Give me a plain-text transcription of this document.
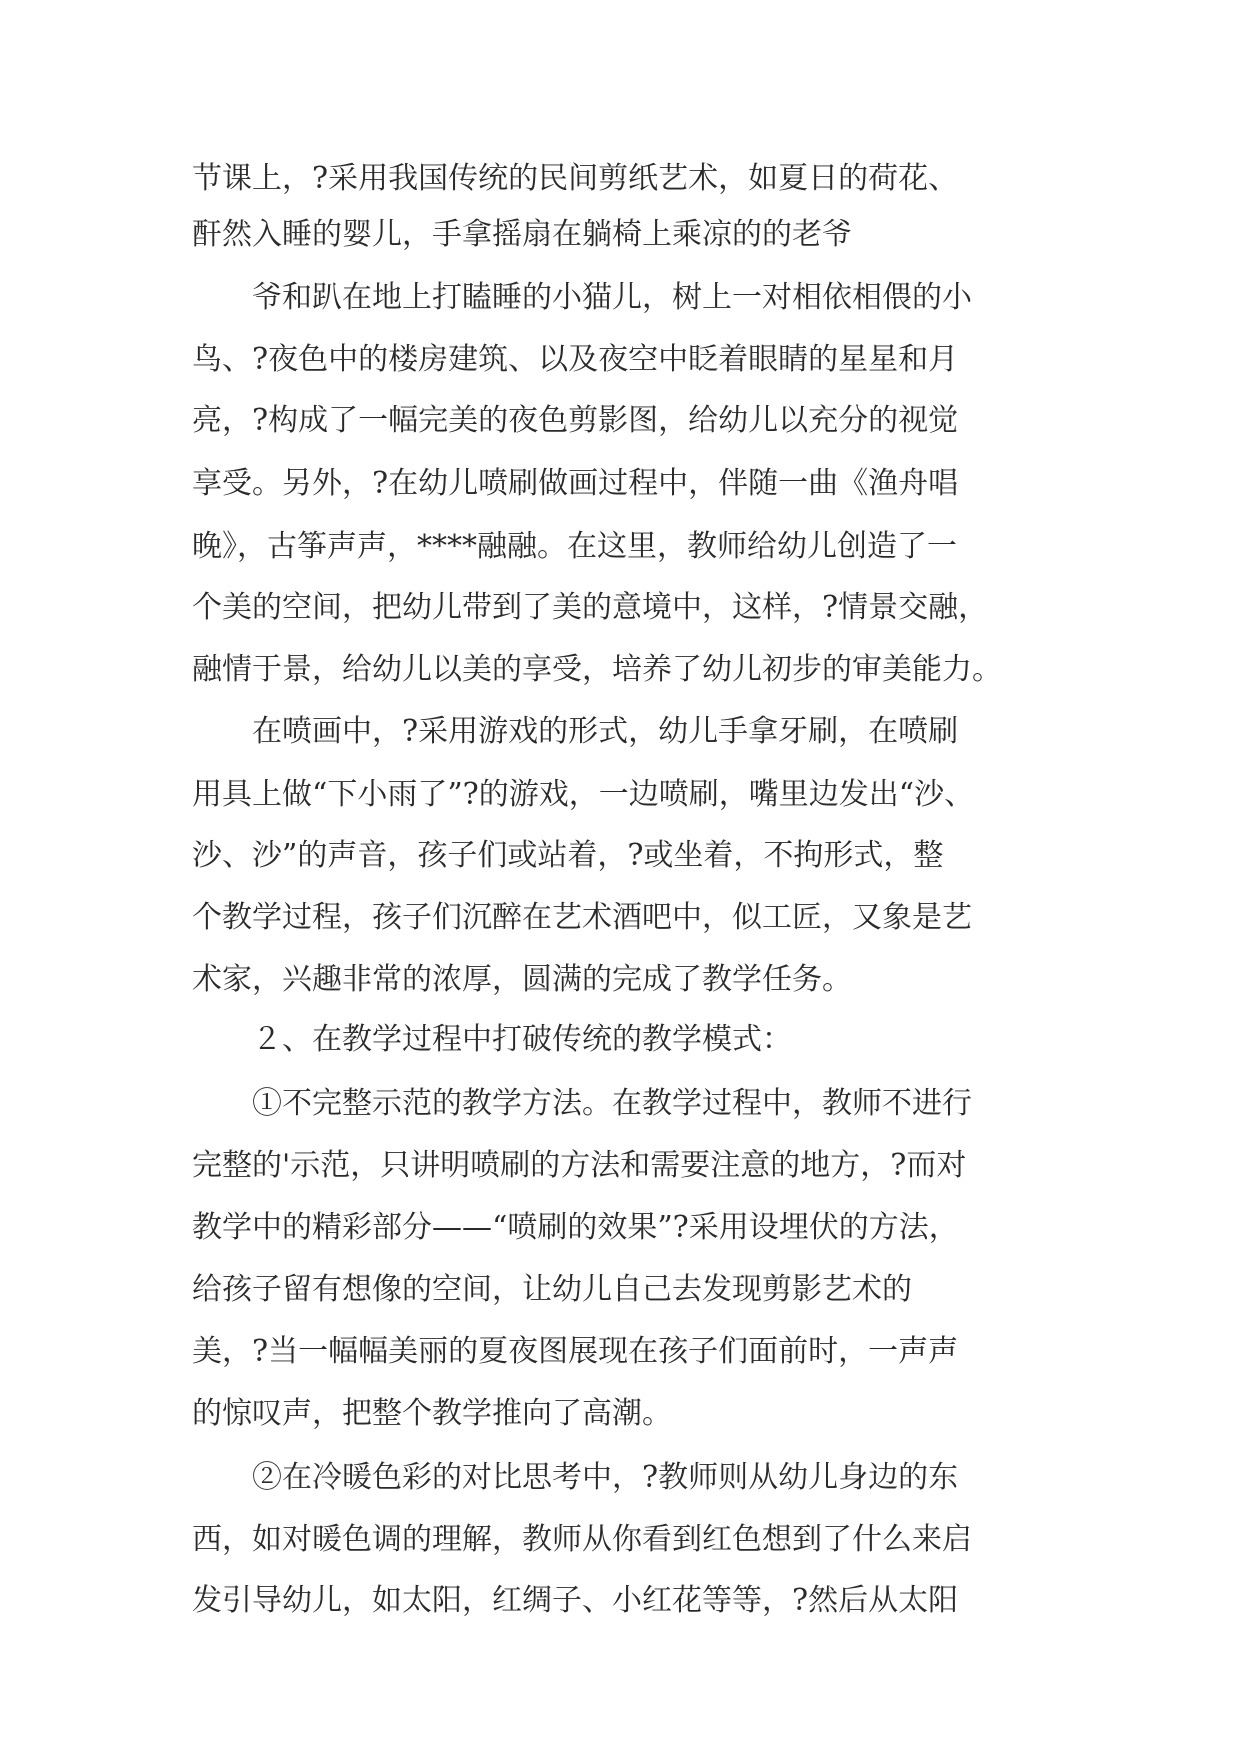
节课上，?采用我国传统的民间剪纸艺术，如夏日的荷花、
酐然入睡的婴儿，手拿摇扇在躺椅上乘凉的的老爷
　　爷和趴在地上打瞌睡的小猫儿，树上一对相依相偎的小
鸟、?夜色中的楼房建筑、以及夜空中眨着眼睛的星星和月
亮，?构成了一幅完美的夜色剪影图，给幼儿以充分的视觉
享受。另外，?在幼儿喷刷做画过程中，伴随一曲《渔舟唱
晚》，古筝声声，****融融。在这里，教师给幼儿创造了一
个美的空间，把幼儿带到了美的意境中，这样，?情景交融，
融情于景，给幼儿以美的享受，培养了幼儿初步的审美能力。
　　在喷画中，?采用游戏的形式，幼儿手拿牙刷，在喷刷
用具上做“下小雨了”?的游戏，一边喷刷，嘴里边发出“沙、
沙、沙”的声音，孩子们或站着，?或坐着，不拘形式，整
个教学过程，孩子们沉醉在艺术酒吧中，似工匠，又象是艺
术家，兴趣非常的浓厚，圆满的完成了教学任务。
　　２、在教学过程中打破传统的教学模式：
　　①不完整示范的教学方法。在教学过程中，教师不进行
完整的'示范，只讲明喷刷的方法和需要注意的地方，?而对
教学中的精彩部分——“喷刷的效果”?采用设埋伏的方法，
给孩子留有想像的空间，让幼儿自己去发现剪影艺术的
美，?当一幅幅美丽的夏夜图展现在孩子们面前时，一声声
的惊叹声，把整个教学推向了高潮。
　　②在冷暖色彩的对比思考中，?教师则从幼儿身边的东
西，如对暖色调的理解，教师从你看到红色想到了什么来启
发引导幼儿，如太阳，红绸子、小红花等等，?然后从太阳
